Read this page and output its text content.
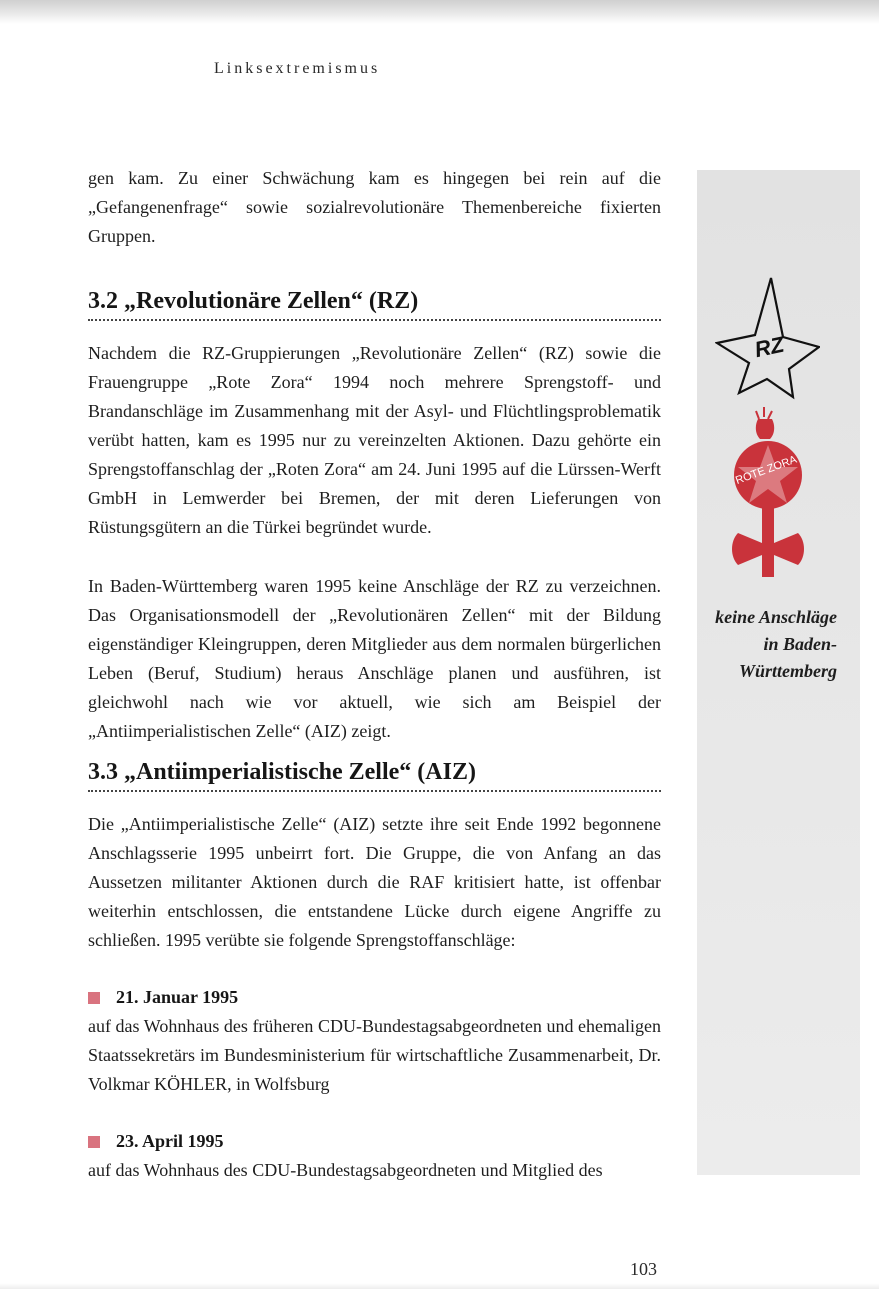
Linksextremismus

gen kam. Zu einer Schwächung kam es hingegen bei rein auf die „Gefangenenfrage“ sowie sozialrevolutionäre Themenbereiche fixierten Gruppen.

3.2 „Revolutionäre Zellen“ (RZ)

Nachdem die RZ-Gruppierungen „Revolutionäre Zellen“ (RZ) sowie die Frauengruppe „Rote Zora“ 1994 noch mehrere Sprengstoff- und Brandanschläge im Zusammenhang mit der Asyl- und Flüchtlingsproblematik verübt hatten, kam es 1995 nur zu vereinzelten Aktionen. Dazu gehörte ein Sprengstoffanschlag der „Roten Zora“ am 24. Juni 1995 auf die Lürssen-Werft GmbH in Lemwerder bei Bremen, der mit deren Lieferungen von Rüstungsgütern an die Türkei begründet wurde.

In Baden-Württemberg waren 1995 keine Anschläge der RZ zu verzeichnen. Das Organisationsmodell der „Revolutionären Zellen“ mit der Bildung eigenständiger Kleingruppen, deren Mitglieder aus dem normalen bürgerlichen Leben (Beruf, Studium) heraus Anschläge planen und ausführen, ist gleichwohl nach wie vor aktuell, wie sich am Beispiel der „Antiimperialistischen Zelle“ (AIZ) zeigt.

3.3 „Antiimperialistische Zelle“ (AIZ)

Die „Antiimperialistische Zelle“ (AIZ) setzte ihre seit Ende 1992 begonnene Anschlagsserie 1995 unbeirrt fort. Die Gruppe, die von Anfang an das Aussetzen militanter Aktionen durch die RAF kritisiert hatte, ist offenbar weiterhin entschlossen, die entstandene Lücke durch eigene Angriffe zu schließen. 1995 verübte sie folgende Sprengstoffanschläge:

21. Januar 1995

auf das Wohnhaus des früheren CDU-Bundestagsabgeordneten und ehemaligen Staatssekretärs im Bundesministerium für wirtschaftliche Zusammenarbeit, Dr. Volkmar KÖHLER, in Wolfsburg

23. April 1995

auf das Wohnhaus des CDU-Bundestagsabgeordneten und Mitglied des

RZ
ROTE ZORA
keine Anschläge in Baden-Württemberg
103
